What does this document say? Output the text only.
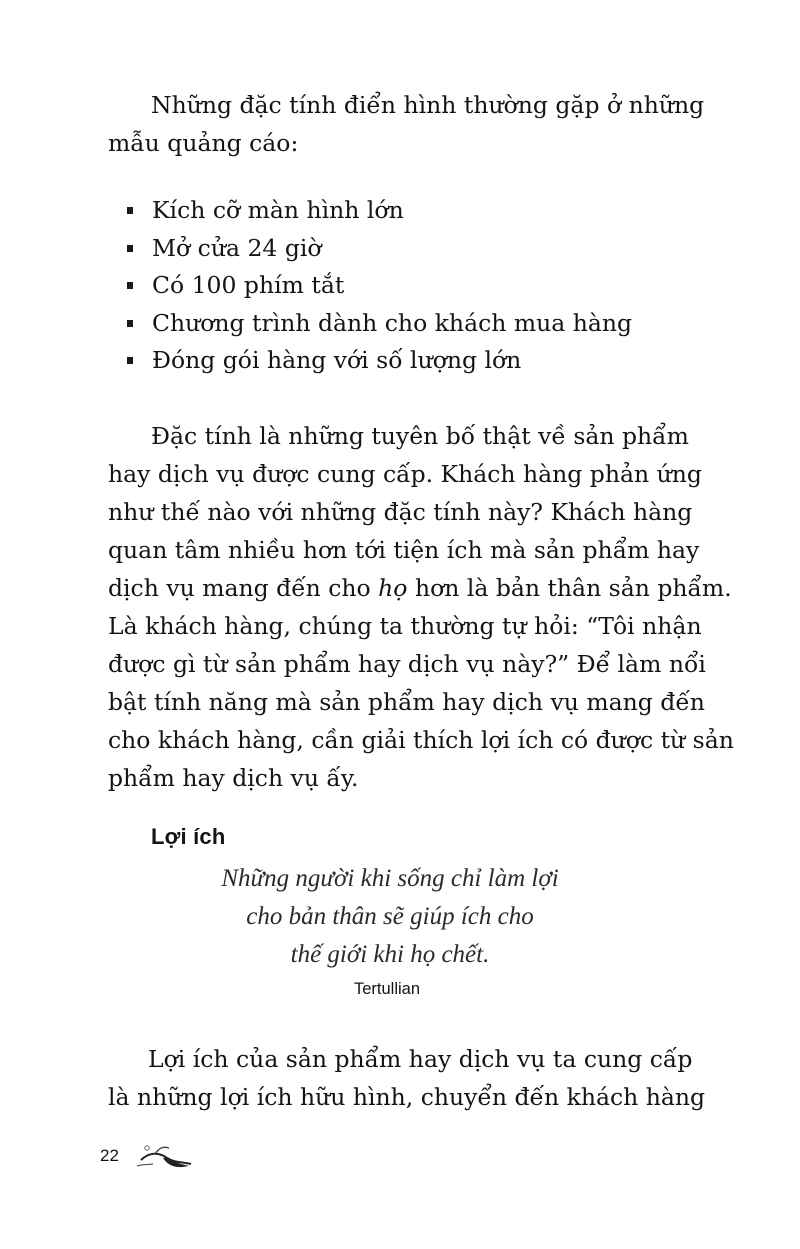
Những đặc tính điển hình thường gặp ở những
mẫu quảng cáo:
Kích cỡ màn hình lớn
Mở cửa 24 giờ
Có 100 phím tắt
Chương trình dành cho khách mua hàng
Đóng gói hàng với số lượng lớn
Đặc tính là những tuyên bố thật về sản phẩm
hay dịch vụ được cung cấp. Khách hàng phản ứng
như thế nào với những đặc tính này? Khách hàng
quan tâm nhiều hơn tới tiện ích mà sản phẩm hay
dịch vụ mang đến cho họ hơn là bản thân sản phẩm.
Là khách hàng, chúng ta thường tự hỏi: “Tôi nhận
được gì từ sản phẩm hay dịch vụ này?” Để làm nổi
bật tính năng mà sản phẩm hay dịch vụ mang đến
cho khách hàng, cần giải thích lợi ích có được từ sản
phẩm hay dịch vụ ấy.
Lợi ích
Những người khi sống chỉ làm lợi
cho bản thân sẽ giúp ích cho
thế giới khi họ chết.
Tertullian
Lợi ích của sản phẩm hay dịch vụ ta cung cấp
là những lợi ích hữu hình, chuyển đến khách hàng
22
